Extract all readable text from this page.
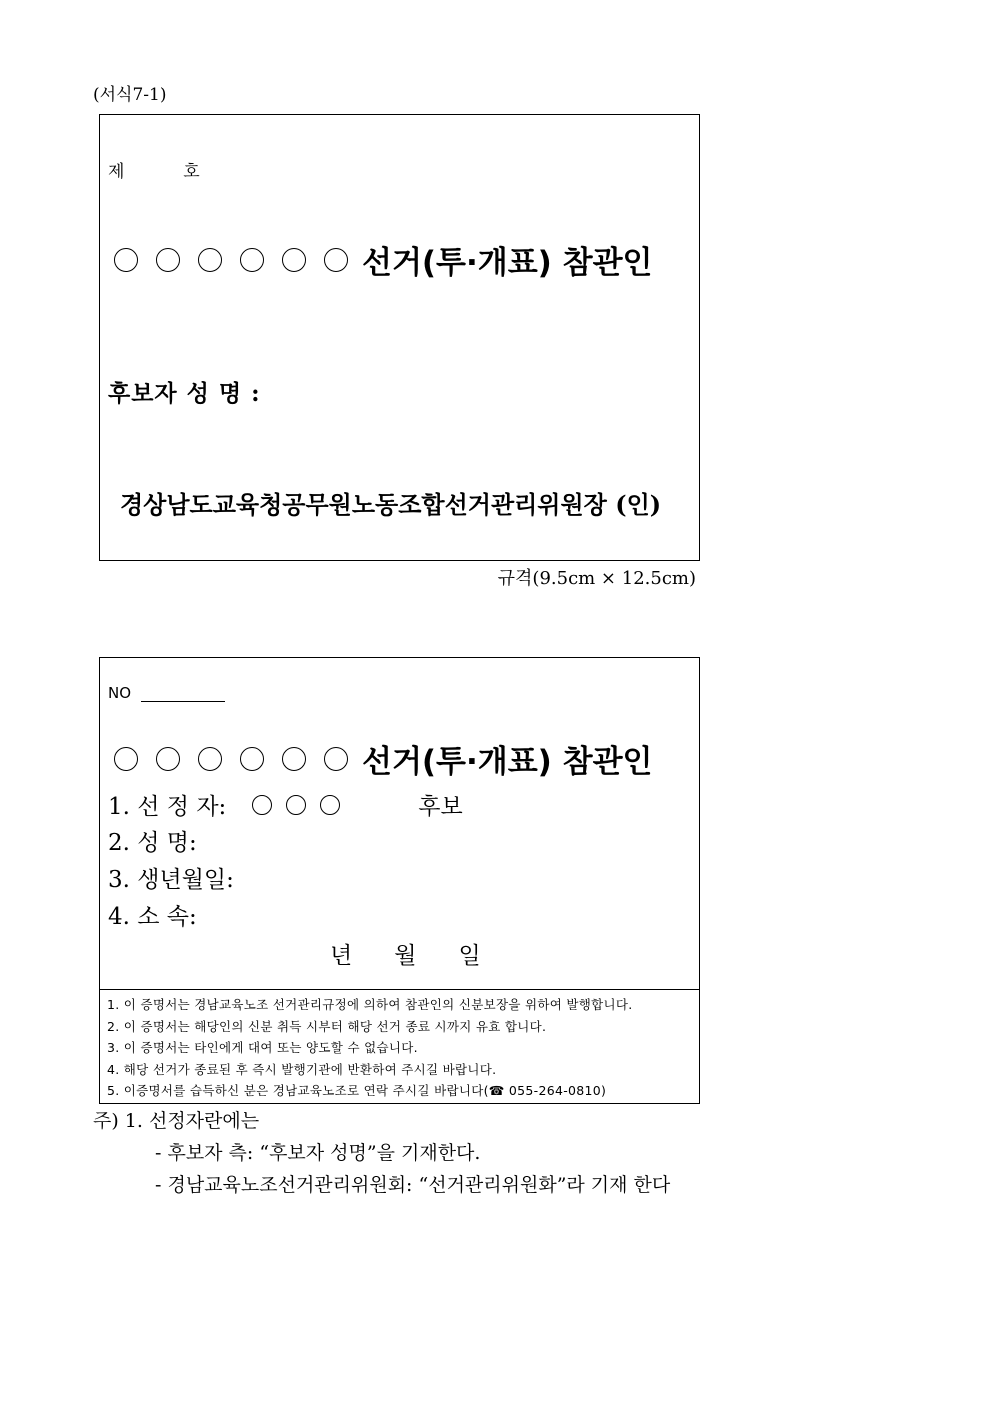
(서식7-1)
제	호
선거(투·개표) 참관인
후보자 성 명 :
경상남도교육청공무원노동조합선거관리위원장 (인)
규격(9.5cm × 12.5cm)
NO
선거(투·개표) 참관인
1. 선 정 자:	후보
2. 성 명:
3. 생년월일:
4. 소 속:
년 월 일
1. 이 증명서는 경남교육노조 선거관리규정에 의하여 참관인의 신분보장을 위하여 발행합니다.
2. 이 증명서는 해당인의 신분 취득 시부터 해당 선거 종료 시까지 유효 합니다.
3. 이 증명서는 타인에게 대여 또는 양도할 수 없습니다.
4. 해당 선거가 종료된 후 즉시 발행기관에 반환하여 주시길 바랍니다.
5. 이증명서를 습득하신 분은 경남교육노조로 연락 주시길 바랍니다(☎ 055-264-0810)
주) 1. 선정자란에는
- 후보자 측: “후보자 성명”을 기재한다.
- 경남교육노조선거관리위원회: “선거관리위원화”라 기재 한다
